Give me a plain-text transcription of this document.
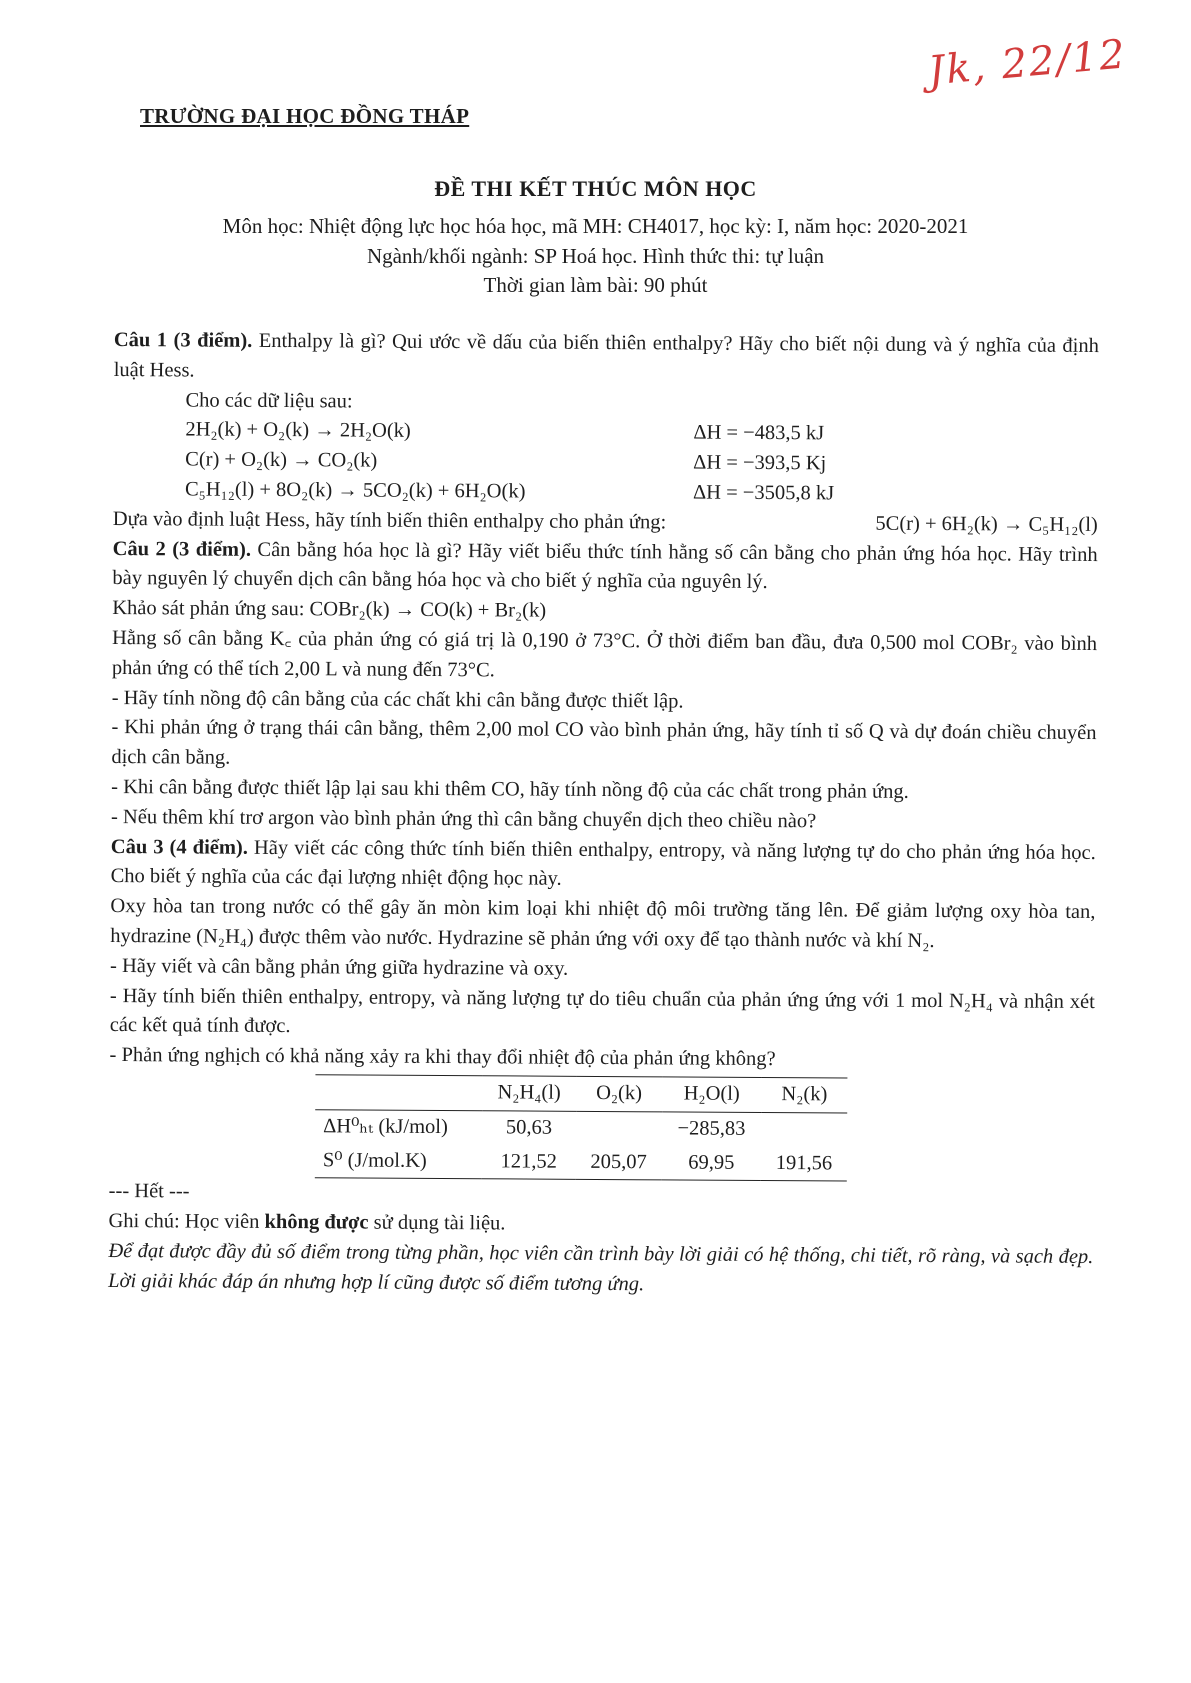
Jk, 22/12
TRƯỜNG ĐẠI HỌC ĐỒNG THÁP
ĐỀ THI KẾT THÚC MÔN HỌC
Môn học: Nhiệt động lực học hóa học, mã MH: CH4017, học kỳ: I, năm học: 2020-2021
Ngành/khối ngành: SP Hoá học. Hình thức thi: tự luận
Thời gian làm bài: 90 phút

Câu 1 (3 điểm). Enthalpy là gì? Qui ước về dấu của biến thiên enthalpy? Hãy cho biết nội dung và ý nghĩa của định luật Hess.

Cho các dữ liệu sau:

2H₂(k) + O₂(k) → 2H₂O(k)	ΔH = −483,5 kJ
C(r) + O₂(k) → CO₂(k)	ΔH = −393,5 Kj
C₅H₁₂(l) + 8O₂(k) → 5CO₂(k) + 6H₂O(k)	ΔH = −3505,8 kJ
Dựa vào định luật Hess, hãy tính biến thiên enthalpy cho phản ứng:	5C(r) + 6H₂(k) → C₅H₁₂(l)

Câu 2 (3 điểm). Cân bằng hóa học là gì? Hãy viết biểu thức tính hằng số cân bằng cho phản ứng hóa học. Hãy trình bày nguyên lý chuyển dịch cân bằng hóa học và cho biết ý nghĩa của nguyên lý.

Khảo sát phản ứng sau: COBr₂(k) → CO(k) + Br₂(k)

Hằng số cân bằng K꜀ của phản ứng có giá trị là 0,190 ở 73°C. Ở thời điểm ban đầu, đưa 0,500 mol COBr₂ vào bình phản ứng có thể tích 2,00 L và nung đến 73°C.

- Hãy tính nồng độ cân bằng của các chất khi cân bằng được thiết lập.

- Khi phản ứng ở trạng thái cân bằng, thêm 2,00 mol CO vào bình phản ứng, hãy tính tỉ số Q và dự đoán chiều chuyển dịch cân bằng.

- Khi cân bằng được thiết lập lại sau khi thêm CO, hãy tính nồng độ của các chất trong phản ứng.

- Nếu thêm khí trơ argon vào bình phản ứng thì cân bằng chuyển dịch theo chiều nào?

Câu 3 (4 điểm). Hãy viết các công thức tính biến thiên enthalpy, entropy, và năng lượng tự do cho phản ứng hóa học. Cho biết ý nghĩa của các đại lượng nhiệt động học này.

Oxy hòa tan trong nước có thể gây ăn mòn kim loại khi nhiệt độ môi trường tăng lên. Để giảm lượng oxy hòa tan, hydrazine (N₂H₄) được thêm vào nước. Hydrazine sẽ phản ứng với oxy để tạo thành nước và khí N₂.

- Hãy viết và cân bằng phản ứng giữa hydrazine và oxy.

- Hãy tính biến thiên enthalpy, entropy, và năng lượng tự do tiêu chuẩn của phản ứng ứng với 1 mol N₂H₄ và nhận xét các kết quả tính được.

- Phản ứng nghịch có khả năng xảy ra khi thay đổi nhiệt độ của phản ứng không?

	N₂H₄(l)	O₂(k)	H₂O(l)	N₂(k)
ΔH⁰ₕₜ (kJ/mol)	50,63		−285,83	
S⁰ (J/mol.K)	121,52	205,07	69,95	191,56

--- Hết ---

Ghi chú: Học viên không được sử dụng tài liệu.

Để đạt được đầy đủ số điểm trong từng phần, học viên cần trình bày lời giải có hệ thống, chi tiết, rõ ràng, và sạch đẹp. Lời giải khác đáp án nhưng hợp lí cũng được số điểm tương ứng.
